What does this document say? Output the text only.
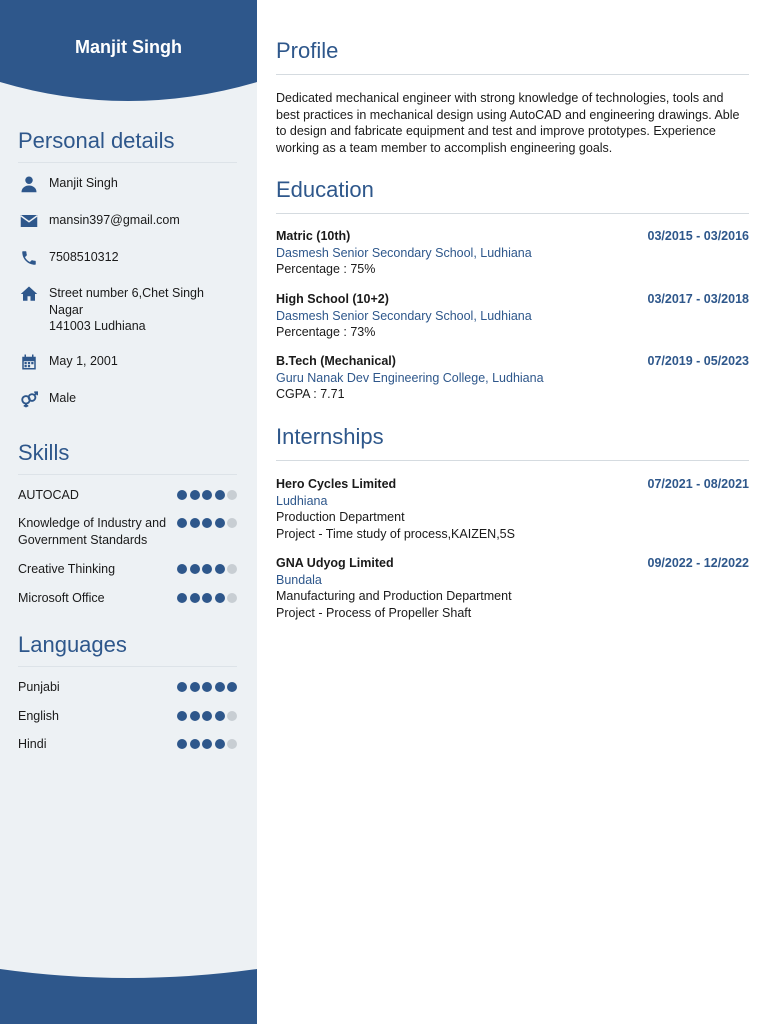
Manjit Singh
Personal details
Manjit Singh
mansin397@gmail.com
7508510312
Street number 6,Chet Singh
Nagar
141003 Ludhiana
May 1, 2001
Male
Skills
AUTOCAD
Knowledge of Industry and Government Standards
Creative Thinking
Microsoft Office
Languages
Punjabi
English
Hindi
Profile
Dedicated mechanical engineer with strong knowledge of technologies, tools and best practices in mechanical design using AutoCAD and engineering drawings. Able to design and fabricate equipment and test and improve prototypes. Experience working as a team member to accomplish engineering goals.
Education
Matric (10th)	03/2015 - 03/2016
Dasmesh Senior Secondary School, Ludhiana
Percentage : 75%
High School (10+2)	03/2017 - 03/2018
Dasmesh Senior Secondary School, Ludhiana
Percentage : 73%
B.Tech (Mechanical)	07/2019 - 05/2023
Guru Nanak Dev Engineering College, Ludhiana
CGPA : 7.71
Internships
Hero Cycles Limited	07/2021 - 08/2021
Ludhiana
Production Department
Project - Time study of process,KAIZEN,5S
GNA Udyog Limited	09/2022 - 12/2022
Bundala
Manufacturing and Production Department
Project - Process of Propeller Shaft
